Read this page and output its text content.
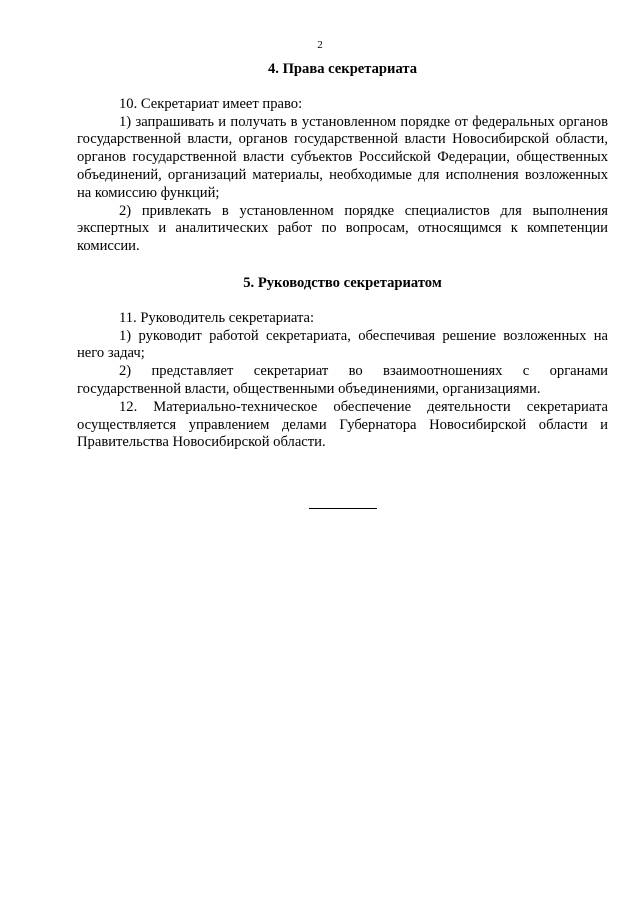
2
4. Права секретариата

10. Секретариат имеет право:

1) запрашивать и получать в установленном порядке от федеральных органов государственной власти, органов государственной власти Новосибирской области, органов государственной власти субъектов Российской Федерации, общественных объединений, организаций материалы, необходимые для исполнения возложенных на комиссию функций;

2) привлекать в установленном порядке специалистов для выполнения экспертных и аналитических работ по вопросам, относящимся к компетенции комиссии.

5. Руководство секретариатом

11. Руководитель секретариата:

1) руководит работой секретариата, обеспечивая решение возложенных на него задач;

2) представляет секретариат во взаимоотношениях с органами государственной власти, общественными объединениями, организациями.

12. Материально-техническое обеспечение деятельности секретариата осуществляется управлением делами Губернатора Новосибирской области и Правительства Новосибирской области.
